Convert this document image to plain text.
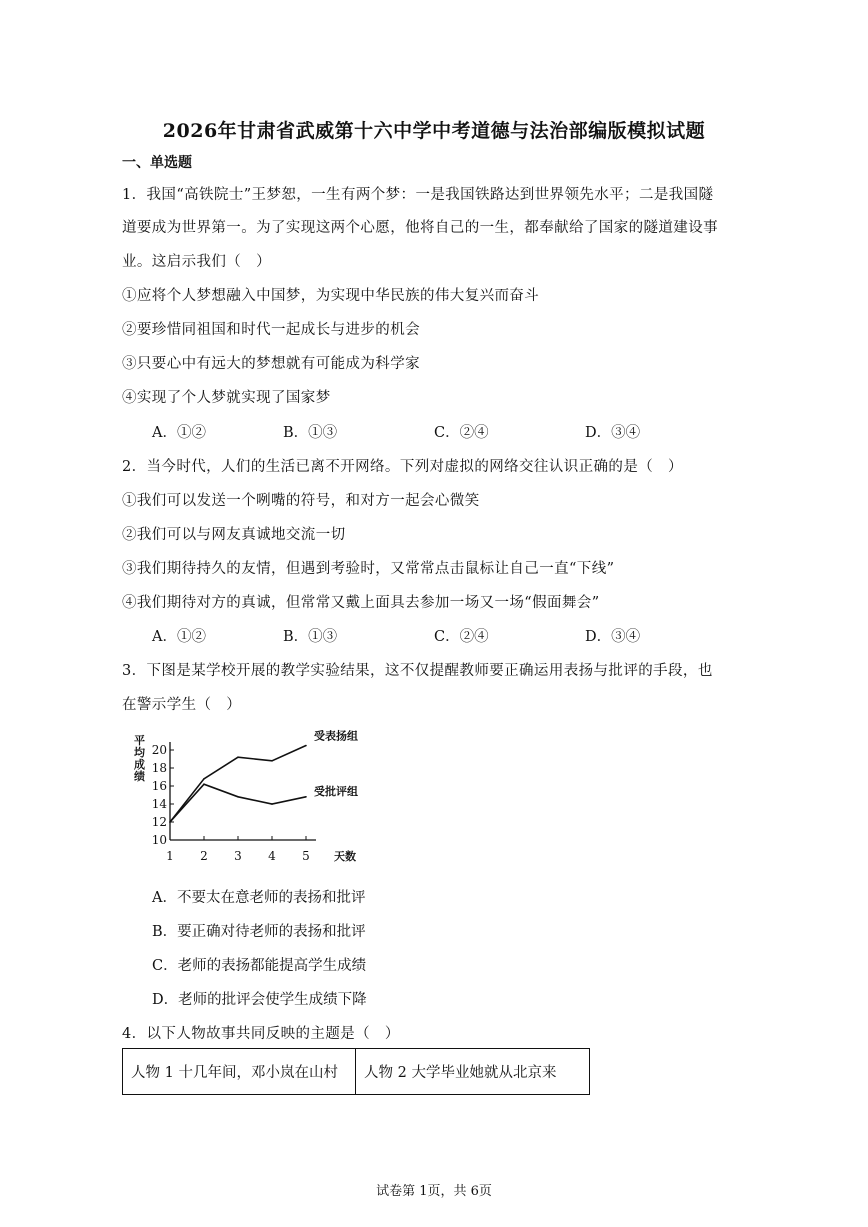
2026年甘肃省武威第十六中学中考道德与法治部编版模拟试题
一、单选题
1．我国“高铁院士”王梦恕，一生有两个梦：一是我国铁路达到世界领先水平；二是我国隧
道要成为世界第一。为了实现这两个心愿，他将自己的一生，都奉献给了国家的隧道建设事
业。这启示我们（　）
①应将个人梦想融入中国梦，为实现中华民族的伟大复兴而奋斗
②要珍惜同祖国和时代一起成长与进步的机会
③只要心中有远大的梦想就有可能成为科学家
④实现了个人梦就实现了国家梦
A．①②	B．①③	C．②④	D．③④
2．当今时代，人们的生活已离不开网络。下列对虚拟的网络交往认识正确的是（　）
①我们可以发送一个咧嘴的符号，和对方一起会心微笑
②我们可以与网友真诚地交流一切
③我们期待持久的友情，但遇到考验时，又常常点击鼠标让自己一直“下线”
④我们期待对方的真诚，但常常又戴上面具去参加一场又一场“假面舞会”
A．①②	B．①③	C．②④	D．③④
3．下图是某学校开展的教学实验结果，这不仅提醒教师要正确运用表扬与批评的手段，也
在警示学生（　）
10
12
14
16
18
20
1 2 3 4 5 天数
平均成绩
受表扬组
受批评组
A．不要太在意老师的表扬和批评
B．要正确对待老师的表扬和批评
C．老师的表扬都能提高学生成绩
D．老师的批评会使学生成绩下降
4．以下人物故事共同反映的主题是（　）
人物 1 十几年间，邓小岚在山村	人物 2 大学毕业她就从北京来
试卷第 1页，共 6页
